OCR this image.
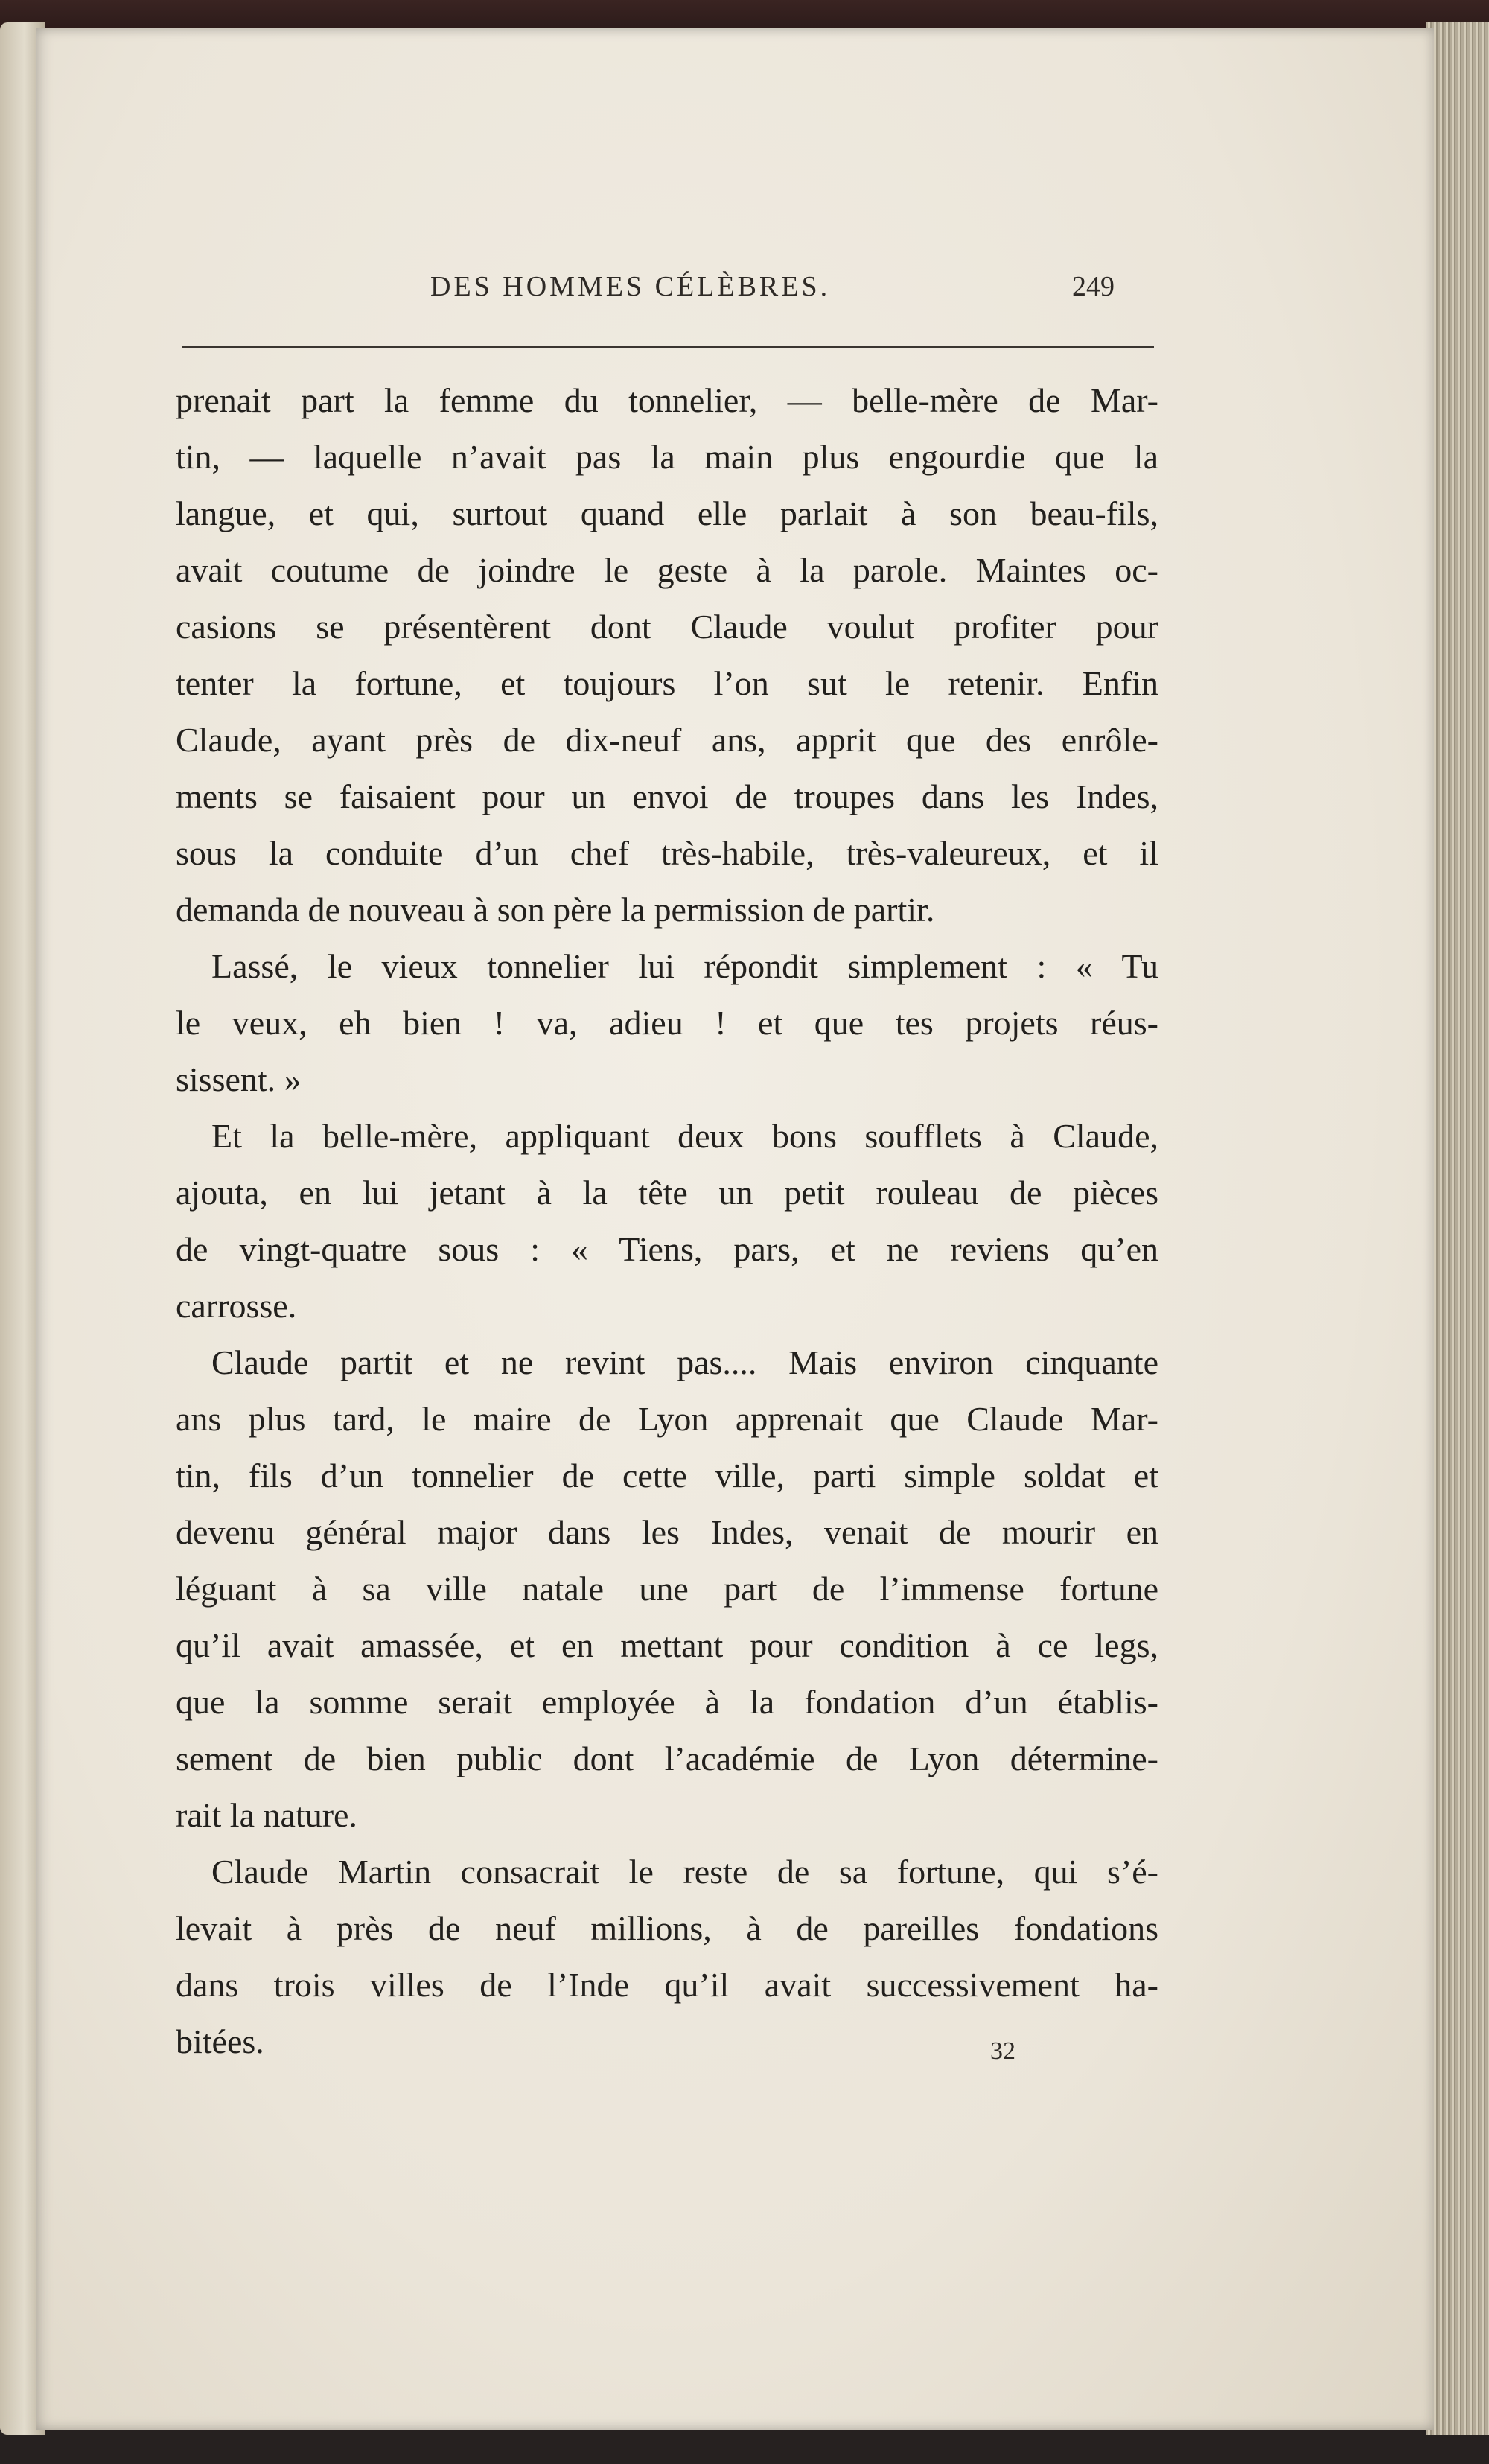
DES HOMMES CÉLÈBRES.	249
prenait part la femme du tonnelier, — belle-mère de Mar-
tin, — laquelle n’avait pas la main plus engourdie que la
langue, et qui, surtout quand elle parlait à son beau-fils,
avait coutume de joindre le geste à la parole. Maintes oc-
casions se présentèrent dont Claude voulut profiter pour
tenter la fortune, et toujours l’on sut le retenir. Enfin
Claude, ayant près de dix-neuf ans, apprit que des enrôle-
ments se faisaient pour un envoi de troupes dans les Indes,
sous la conduite d’un chef très-habile, très-valeureux, et il
demanda de nouveau à son père la permission de partir.
Lassé, le vieux tonnelier lui répondit simplement : « Tu
le veux, eh bien ! va, adieu ! et que tes projets réus-
sissent. »
Et la belle-mère, appliquant deux bons soufflets à Claude,
ajouta, en lui jetant à la tête un petit rouleau de pièces
de vingt-quatre sous : « Tiens, pars, et ne reviens qu’en
carrosse.
Claude partit et ne revint pas.... Mais environ cinquante
ans plus tard, le maire de Lyon apprenait que Claude Mar-
tin, fils d’un tonnelier de cette ville, parti simple soldat et
devenu général major dans les Indes, venait de mourir en
léguant à sa ville natale une part de l’immense fortune
qu’il avait amassée, et en mettant pour condition à ce legs,
que la somme serait employée à la fondation d’un établis-
sement de bien public dont l’académie de Lyon détermine-
rait la nature.
Claude Martin consacrait le reste de sa fortune, qui s’é-
levait à près de neuf millions, à de pareilles fondations
dans trois villes de l’Inde qu’il avait successivement ha-
bitées.	32
